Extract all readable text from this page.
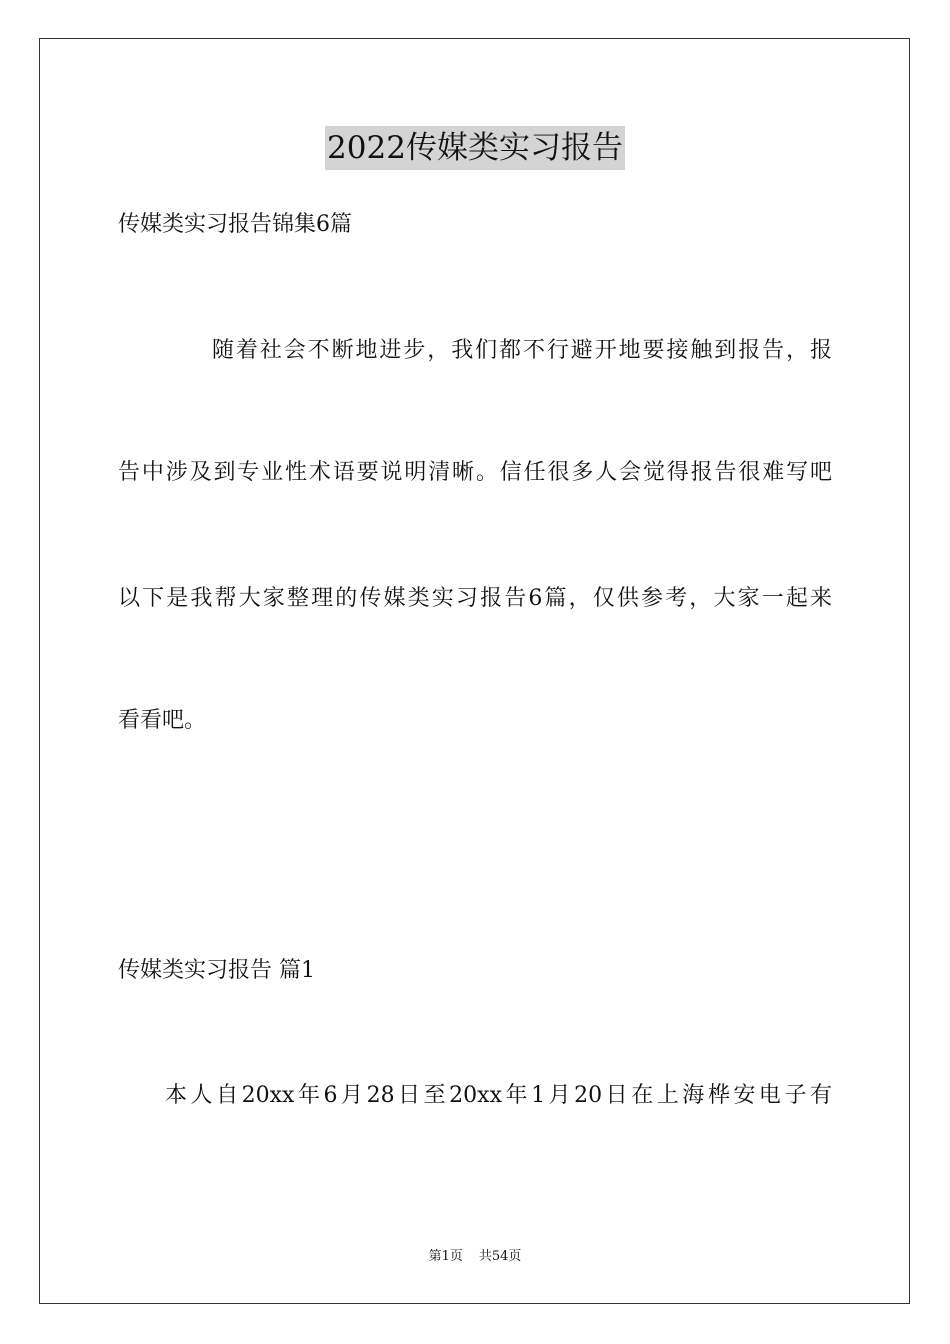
2022传媒类实习报告
传媒类实习报告锦集6篇
随着社会不断地进步，我们都不行避开地要接触到报告，报
告中涉及到专业性术语要说明清晰。信任很多人会觉得报告很难写吧
以下是我帮大家整理的传媒类实习报告6篇，仅供参考，大家一起来
看看吧。
传媒类实习报告 篇1
本人自20xx年6月28日至20xx年1月20日在上海桦安电子有
第1页 共54页
